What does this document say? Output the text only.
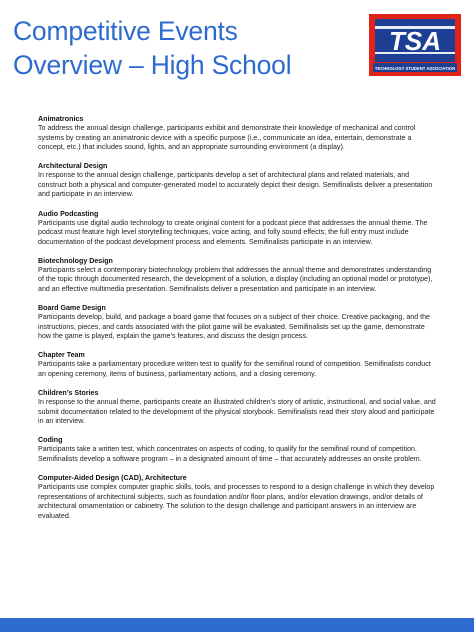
Competitive Events
Overview – High School
TSA
TECHNOLOGY STUDENT ASSOCIATION
Animatronics
To address the annual design challenge, participants exhibit and demonstrate their knowledge of mechanical and control systems by creating an animatronic device with a specific purpose (i.e., communicate an idea, entertain, demonstrate a concept, etc.) that includes sound, lights, and an appropriate surrounding environment (a display).
Architectural Design
In response to the annual design challenge, participants develop a set of architectural plans and related materials, and construct both a physical and computer-generated model to accurately depict their design. Semifinalists deliver a presentation and participate in an interview.
Audio Podcasting
Participants use digital audio technology to create original content for a podcast piece that addresses the annual theme. The podcast must feature high level storytelling techniques, voice acting, and folly sound effects; the full entry must include documentation of the podcast development process and elements. Semifinalists participate in an interview.
Biotechnology Design
Participants select a contemporary biotechnology problem that addresses the annual theme and demonstrates understanding of the topic through documented research, the development of a solution, a display (including an optional model or prototype), and an effective multimedia presentation. Semifinalists deliver a presentation and participate in an interview.
Board Game Design
Participants develop, build, and package a board game that focuses on a subject of their choice. Creative packaging, and the instructions, pieces, and cards associated with the pilot game will be evaluated. Semifinalists set up the game, demonstrate how the game is played, explain the game’s features, and discuss the design process.
Chapter Team
Participants take a parliamentary procedure written test to qualify for the semifinal round of competition. Semifinalists conduct an opening ceremony, items of business, parliamentary actions, and a closing ceremony.
Children’s Stories
In response to the annual theme, participants create an illustrated children’s story of artistic, instructional, and social value, and submit documentation related to the development of the physical storybook. Semifinalists read their story aloud and participate in an interview.
Coding
Participants take a written test, which concentrates on aspects of coding, to qualify for the semifinal round of competition. Semifinalists develop a software program – in a designated amount of time – that accurately addresses an onsite problem.
Computer-Aided Design (CAD), Architecture
Participants use complex computer graphic skills, tools, and processes to respond to a design challenge in which they develop representations of architectural subjects, such as foundation and/or floor plans, and/or elevation drawings, and/or details of architectural ornamentation or cabinetry. The solution to the design challenge and participant answers in an interview are evaluated.
